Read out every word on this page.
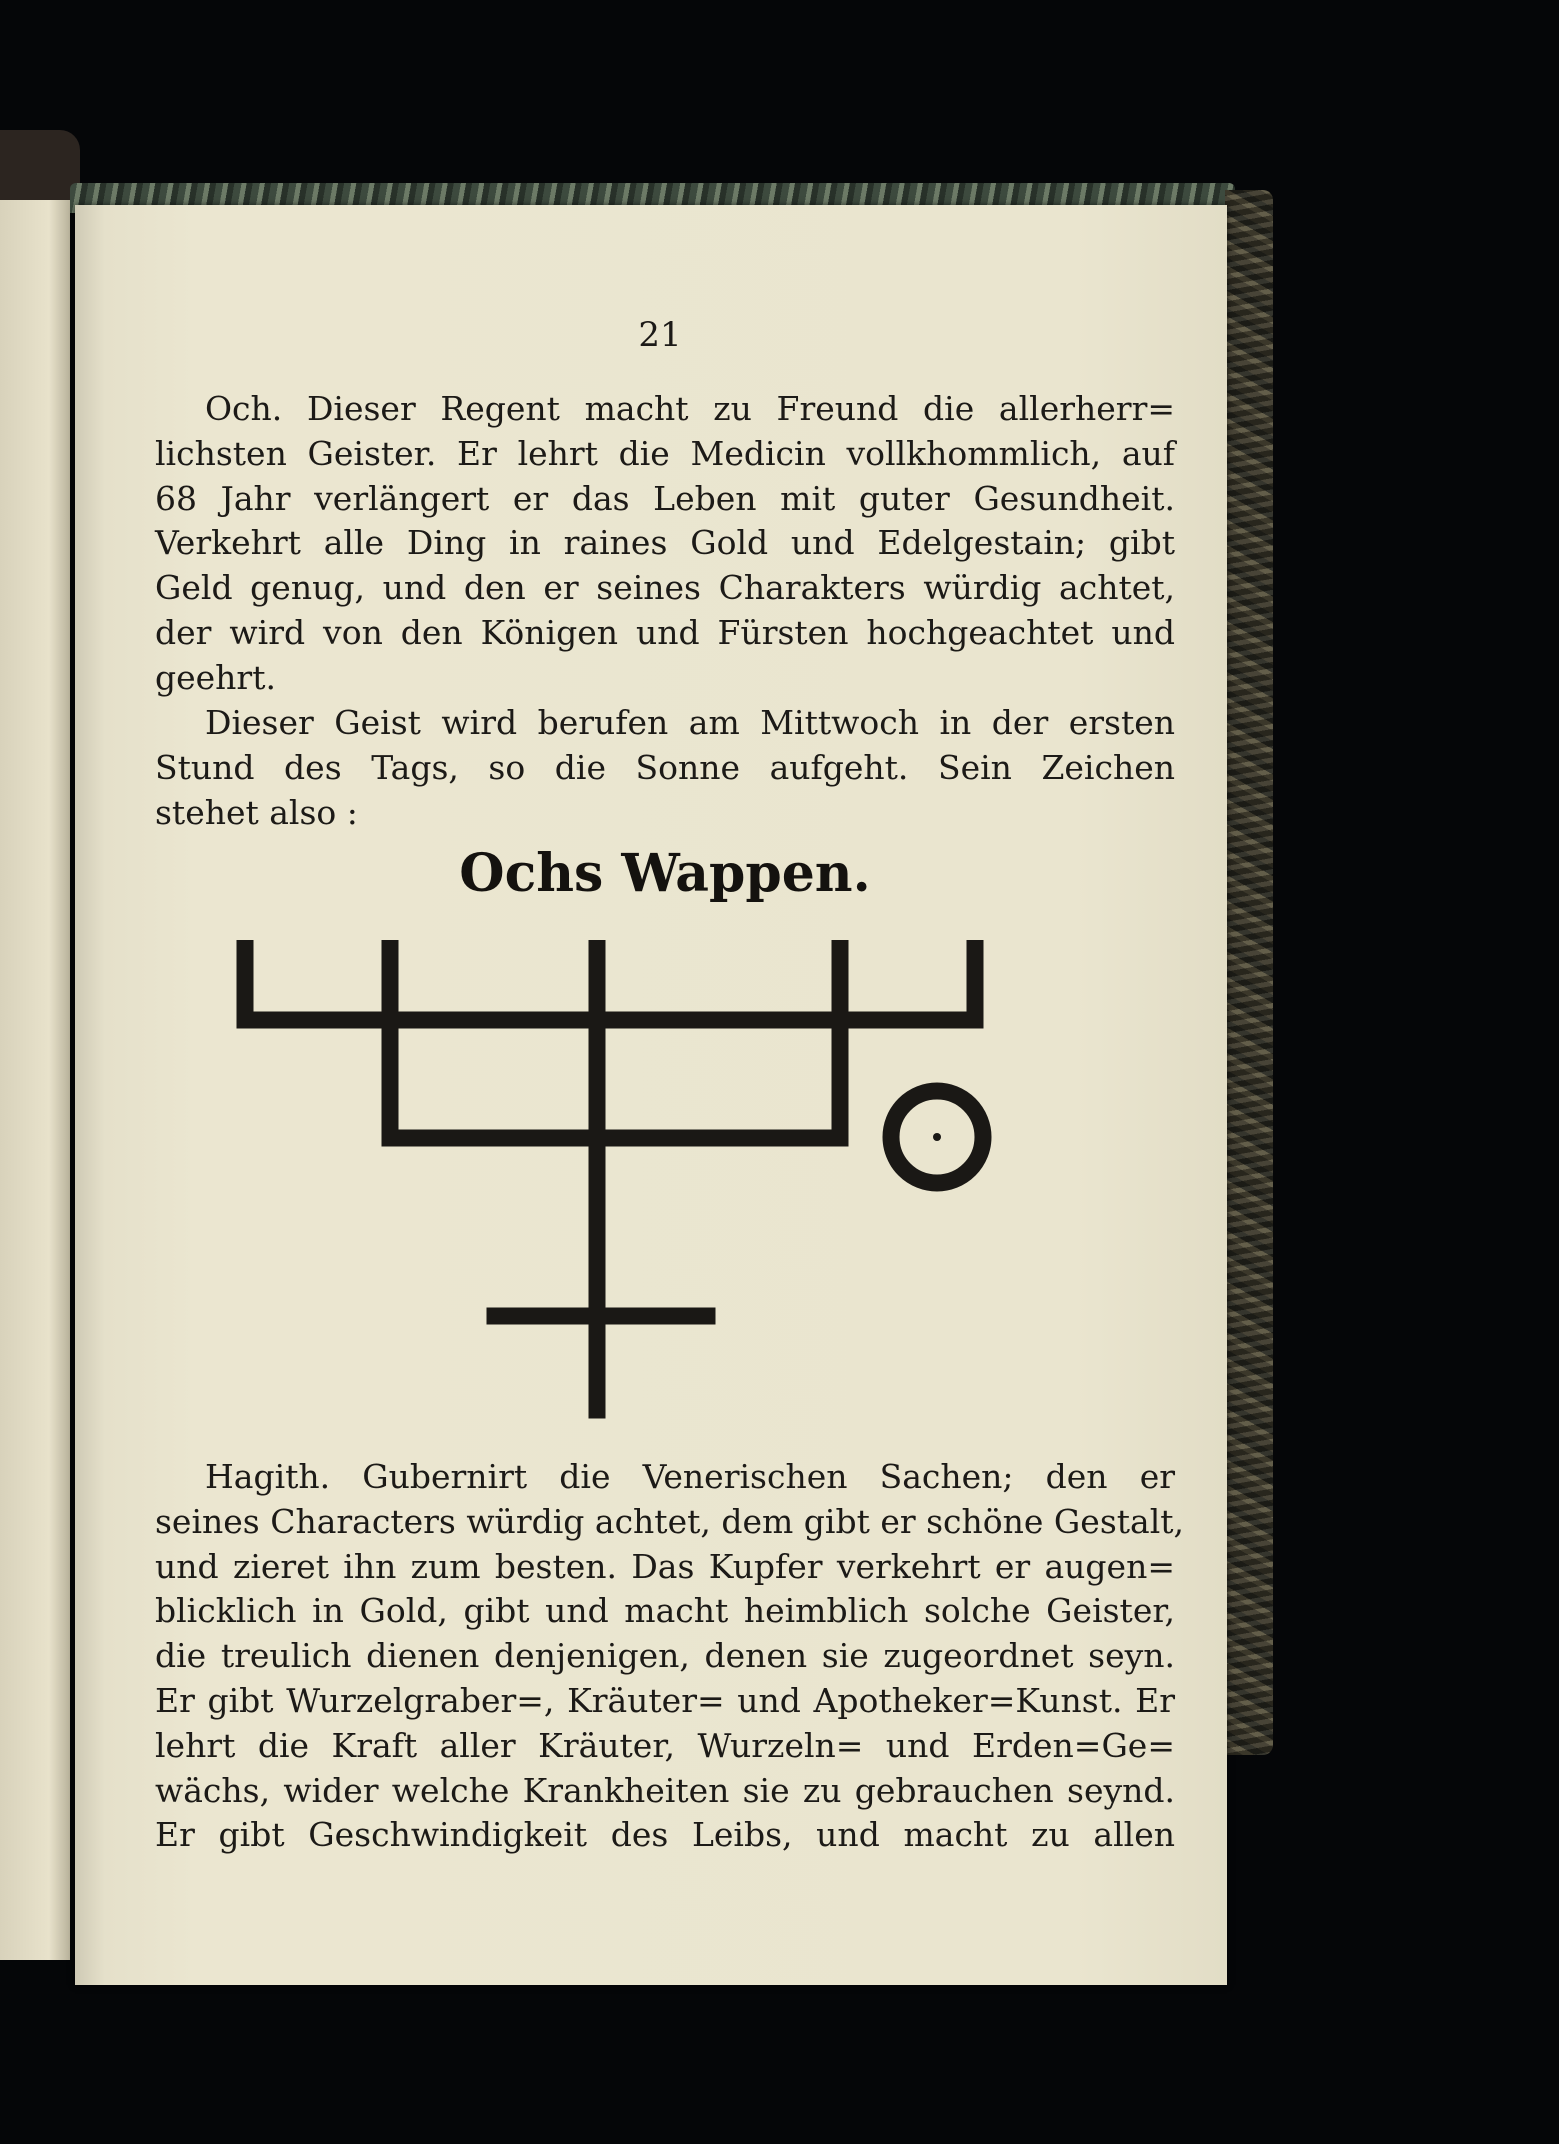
21
Och. Dieser Regent macht zu Freund die allerherr=
lichsten Geister. Er lehrt die Medicin vollkhommlich, auf
68 Jahr verlängert er das Leben mit guter Gesundheit.
Verkehrt alle Ding in raines Gold und Edelgestain; gibt
Geld genug, und den er seines Charakters würdig achtet,
der wird von den Königen und Fürsten hochgeachtet und
geehrt.
Dieser Geist wird berufen am Mittwoch in der ersten
Stund des Tags, so die Sonne aufgeht. Sein Zeichen
stehet also :
Ochs Wappen.
Hagith. Gubernirt die Venerischen Sachen; den er
seines Characters würdig achtet, dem gibt er schöne Gestalt,
und zieret ihn zum besten. Das Kupfer verkehrt er augen=
blicklich in Gold, gibt und macht heimblich solche Geister,
die treulich dienen denjenigen, denen sie zugeordnet seyn.
Er gibt Wurzelgraber=, Kräuter= und Apotheker=Kunst. Er
lehrt die Kraft aller Kräuter, Wurzeln= und Erden=Ge=
wächs, wider welche Krankheiten sie zu gebrauchen seynd.
Er gibt Geschwindigkeit des Leibs, und macht zu allen
